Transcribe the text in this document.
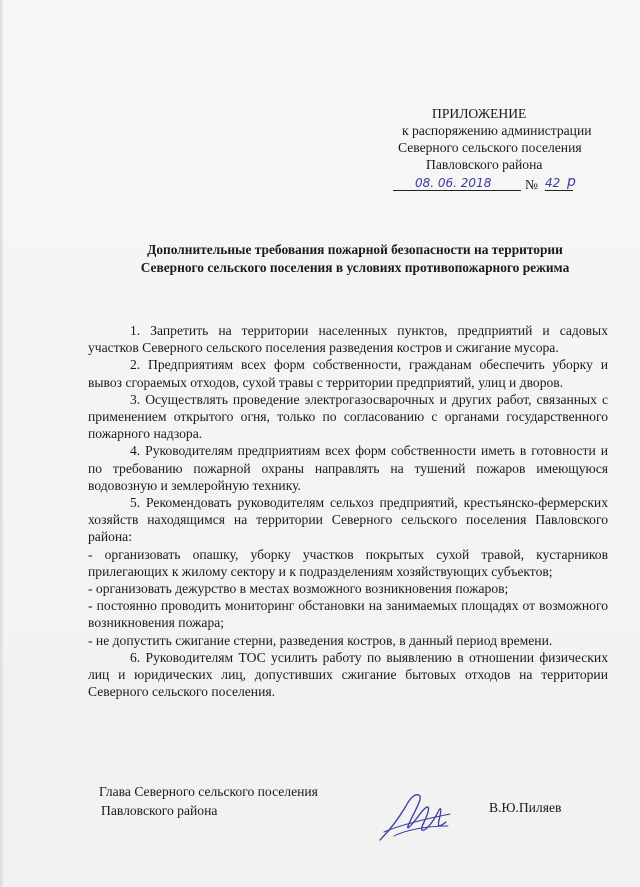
ПРИЛОЖЕНИЕ
к распоряжению администрации
Северного сельского поселения
Павловского района
08. 06. 2018 № 42 р
Дополнительные требования пожарной безопасности на территории
Северного сельского поселения в условиях противопожарного режима

1. Запретить на территории населенных пунктов, предприятий и садовых участков Северного сельского поселения разведения костров и сжигание мусора.

2. Предприятиям всех форм собственности, гражданам обеспечить уборку и вывоз сгораемых отходов, сухой травы с территории предприятий, улиц и дворов.

3. Осуществлять проведение электрогазосварочных и других работ, связанных с применением открытого огня, только по согласованию с органами государственного пожарного надзора.

4. Руководителям предприятиям всех форм собственности иметь в готовности и по требованию пожарной охраны направлять на тушений пожаров имеющуюся водовозную и землеройную технику.

5. Рекомендовать руководителям сельхоз предприятий, крестьянско-фермерских хозяйств находящимся на территории Северного сельского поселения Павловского района:

- организовать опашку, уборку участков покрытых сухой травой, кустарников прилегающих к жилому сектору и к подразделениям хозяйствующих субъектов;

- организовать дежурство в местах возможного возникновения пожаров;

- постоянно проводить мониторинг обстановки на занимаемых площадях от возможного возникновения пожара;

- не допустить сжигание стерни, разведения костров, в данный период времени.

6. Руководителям ТОС усилить работу по выявлению в отношении физических лиц и юридических лиц, допустивших сжигание бытовых отходов на территории Северного сельского поселения.

Глава Северного сельского поселения
Павловского района	В.Ю.Пиляев
